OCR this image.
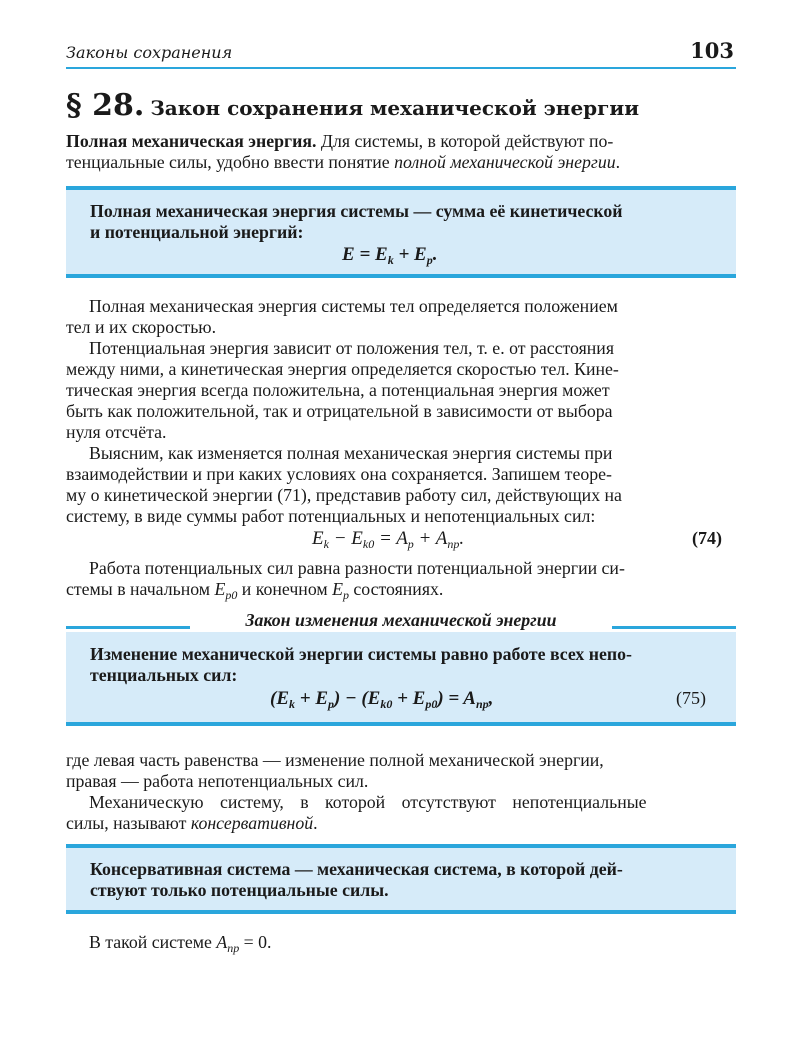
Законы сохранения	103
§ 28. Закон сохранения механической энергии
Полная механическая энергия. Для системы, в которой действуют по-
тенциальные силы, удобно ввести понятие полной механической энергии.
Полная механическая энергия системы — сумма её кинетической
и потенциальной энергий:
$E = E_k + E_p$.
Полная механическая энергия системы тел определяется положением
тел и их скоростью.
Потенциальная энергия зависит от положения тел, т. е. от расстояния
между ними, а кинетическая энергия определяется скоростью тел. Кине-
тическая энергия всегда положительна, а потенциальная энергия может
быть как положительной, так и отрицательной в зависимости от выбора
нуля отсчёта.
Выясним, как изменяется полная механическая энергия системы при
взаимодействии и при каких условиях она сохраняется. Запишем теоре-
му о кинетической энергии (71), представив работу сил, действующих на
систему, в виде суммы работ потенциальных и непотенциальных сил:
$E_k - E_{k0} = A_p + A_{пр}$.	(74)
Работа потенциальных сил равна разности потенциальной энергии си-
стемы в начальном $E_{p0}$ и конечном $E_p$ состояниях.
Закон изменения механической энергии
Изменение механической энергии системы равно работе всех непо-
тенциальных сил:
$(E_k + E_p) - (E_{k0} + E_{p0}) = A_{пр}$,	(75)
где левая часть равенства — изменение полной механической энергии,
правая — работа непотенциальных сил.
Механическую систему, в которой отсутствуют непотенциальные
силы, называют консервативной.
Консервативная система — механическая система, в которой дей-
ствуют только потенциальные силы.
В такой системе $A_{пр} = 0$.
